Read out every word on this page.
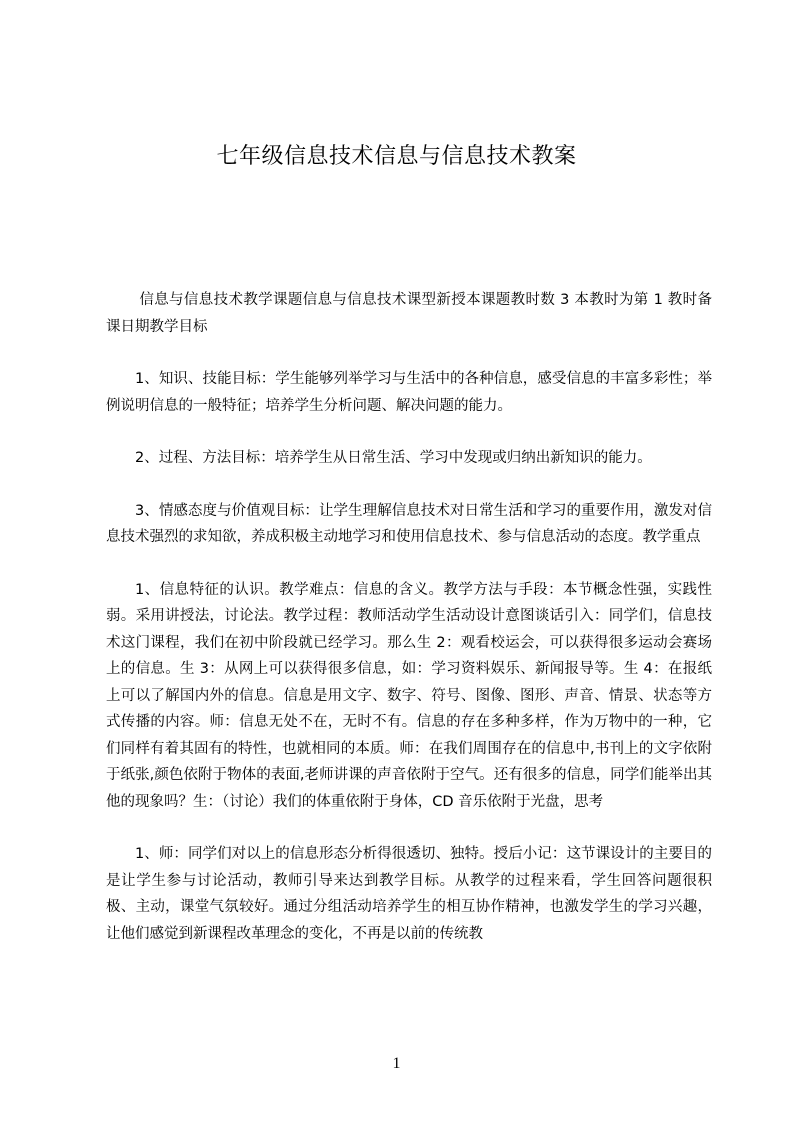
七年级信息技术信息与信息技术教案

信息与信息技术教学课题信息与信息技术课型新授本课题教时数 3 本教时为第 1 教时备课日期教学目标

1、知识、技能目标：学生能够列举学习与生活中的各种信息，感受信息的丰富多彩性；举例说明信息的一般特征；培养学生分析问题、解决问题的能力。

2、过程、方法目标：培养学生从日常生活、学习中发现或归纳出新知识的能力。

3、情感态度与价值观目标：让学生理解信息技术对日常生活和学习的重要作用，激发对信息技术强烈的求知欲，养成积极主动地学习和使用信息技术、参与信息活动的态度。教学重点

1、信息特征的认识。教学难点：信息的含义。教学方法与手段：本节概念性强，实践性弱。采用讲授法，讨论法。教学过程：教师活动学生活动设计意图谈话引入：同学们，信息技术这门课程，我们在初中阶段就已经学习。那么生 2：观看校运会，可以获得很多运动会赛场上的信息。生 3：从网上可以获得很多信息，如：学习资料娱乐、新闻报导等。生 4：在报纸上可以了解国内外的信息。信息是用文字、数字、符号、图像、图形、声音、情景、状态等方式传播的内容。师：信息无处不在，无时不有。信息的存在多种多样，作为万物中的一种，它们同样有着其固有的特性，也就相同的本质。师：在我们周围存在的信息中,书刊上的文字依附于纸张,颜色依附于物体的表面,老师讲课的声音依附于空气。还有很多的信息，同学们能举出其他的现象吗？生：（讨论）我们的体重依附于身体，CD 音乐依附于光盘，思考

1、师：同学们对以上的信息形态分析得很透切、独特。授后小记：这节课设计的主要目的是让学生参与讨论活动，教师引导来达到教学目标。从教学的过程来看，学生回答问题很积极、主动，课堂气氛较好。通过分组活动培养学生的相互协作精神，也激发学生的学习兴趣，让他们感觉到新课程改革理念的变化，不再是以前的传统教

1
